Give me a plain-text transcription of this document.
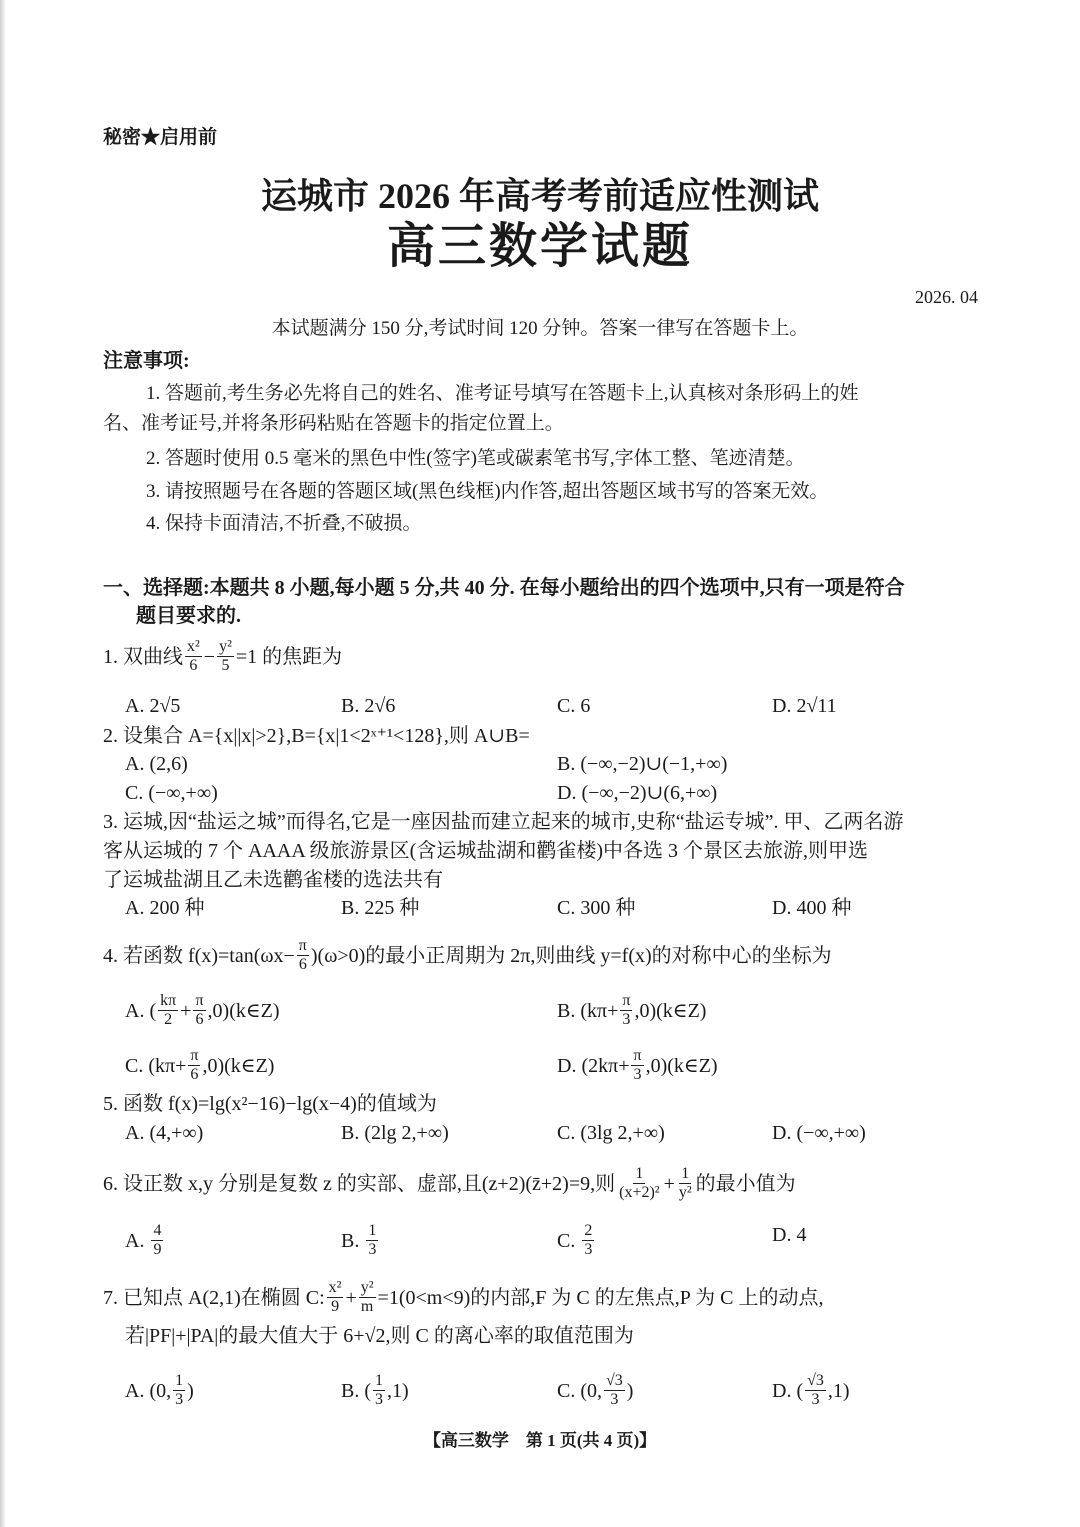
秘密★启用前
运城市 2026 年高考考前适应性测试
高三数学试题
2026. 04
本试题满分 150 分,考试时间 120 分钟。答案一律写在答题卡上。
注意事项:
1. 答题前,考生务必先将自己的姓名、准考证号填写在答题卡上,认真核对条形码上的姓
名、准考证号,并将条形码粘贴在答题卡的指定位置上。
2. 答题时使用 0.5 毫米的黑色中性(签字)笔或碳素笔书写,字体工整、笔迹清楚。
3. 请按照题号在各题的答题区域(黑色线框)内作答,超出答题区域书写的答案无效。
4. 保持卡面清洁,不折叠,不破损。
一、选择题:本题共 8 小题,每小题 5 分,共 40 分. 在每小题给出的四个选项中,只有一项是符合
题目要求的.
1. 双曲线 $\frac{\text{x²}}{6} - \frac{\text{y²}}{5} =1$ 的焦距为
A. 2√5	B. 2√6	C. 6	D. 2√11
2. 设集合 A={x||x|>2},B={x|1<2ˣ⁺¹<128},则 A∪B=
A. (2,6)	B. (−∞,−2)∪(−1,+∞)
C. (−∞,+∞)	D. (−∞,−2)∪(6,+∞)
3. 运城,因“盐运之城”而得名,它是一座因盐而建立起来的城市,史称“盐运专城”. 甲、乙两名游
客从运城的 7 个 AAAA 级旅游景区(含运城盐湖和鹳雀楼)中各选 3 个景区去旅游,则甲选
了运城盐湖且乙未选鹳雀楼的选法共有
A. 200 种	B. 225 种	C. 300 种	D. 400 种
4. 若函数 $f(x)=\tan(\omega x- \frac{\pi}{6} )(\omega>0)$的最小正周期为 2π,则曲线 y=f(x)的对称中心的坐标为
A. ( $\frac{k\pi}{2} + \frac{\pi}{6}$ ,0)(k∈Z)	B. ($k\pi+ \frac{\pi}{3}$ ,0)(k∈Z)
C. ($k\pi+ \frac{\pi}{6}$ ,0)(k∈Z)	D. ($2k\pi+ \frac{\pi}{3}$ ,0)(k∈Z)
5. 函数 f(x)=lg(x²−16)−lg(x−4)的值域为
A. (4,+∞)	B. (2lg 2,+∞)	C. (3lg 2,+∞)	D. (−∞,+∞)
6. 设正数 x,y 分别是复数 z 的实部、虚部,且(z+2)(z̄+2)=9,则 $\frac{1}{\text{(x+2)²}} + \frac{1}{\text{y²}}$ 的最小值为
A. $\frac{4}{9}$	B. $\frac{1}{3}$	C. $\frac{2}{3}$	D. 4
7. 已知点 A(2,1)在椭圆 C: $\frac{\text{x²}}{9} + \frac{\text{y²}}{m} =1(0<m<9)$的内部,F 为 C 的左焦点,P 为 C 上的动点,
若|PF|+|PA|的最大值大于 6+√2,则 C 的离心率的取值范围为
A. (0, $\frac{1}{3}$ )	B. ( $\frac{1}{3} ,1$)	C. (0, $\frac{√3}{3}$ )	D. ( $\frac{√3}{3} ,1$)
【高三数学　第 1 页(共 4 页)】
